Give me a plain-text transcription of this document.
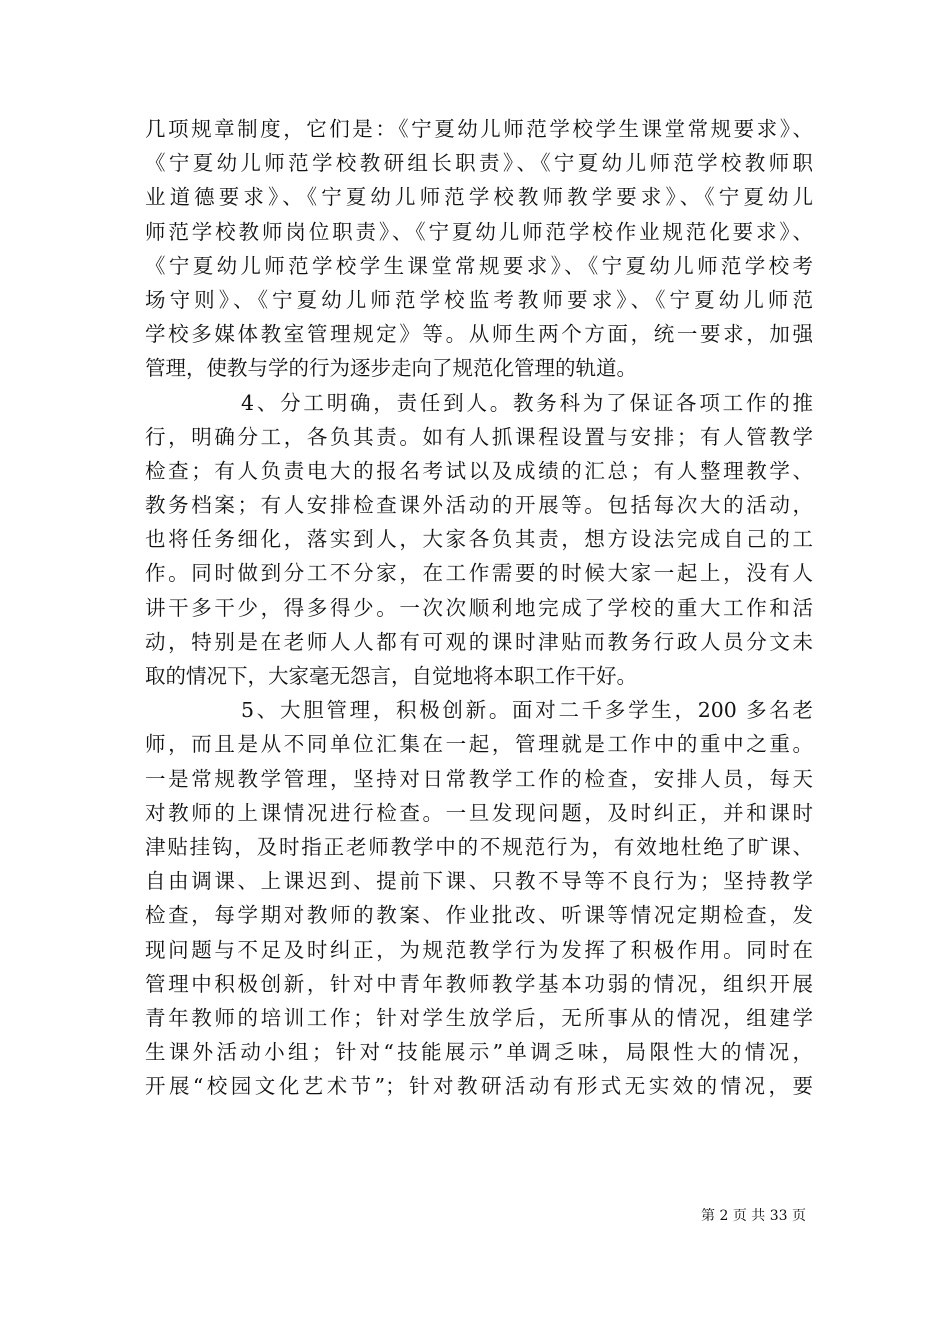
几项规章制度，它们是：《宁夏幼儿师范学校学生课堂常规要求》、
《宁夏幼儿师范学校教研组长职责》、《宁夏幼儿师范学校教师职
业道德要求》、《宁夏幼儿师范学校教师教学要求》、《宁夏幼儿
师范学校教师岗位职责》、《宁夏幼儿师范学校作业规范化要求》、
《宁夏幼儿师范学校学生课堂常规要求》、《宁夏幼儿师范学校考
场守则》、《宁夏幼儿师范学校监考教师要求》、《宁夏幼儿师范
学校多媒体教室管理规定》等。从师生两个方面，统一要求，加强
管理，使教与学的行为逐步走向了规范化管理的轨道。
4、分工明确，责任到人。教务科为了保证各项工作的推
行，明确分工，各负其责。如有人抓课程设置与安排；有人管教学
检查；有人负责电大的报名考试以及成绩的汇总；有人整理教学、
教务档案；有人安排检查课外活动的开展等。包括每次大的活动，
也将任务细化，落实到人，大家各负其责，想方设法完成自己的工
作。同时做到分工不分家，在工作需要的时候大家一起上，没有人
讲干多干少，得多得少。一次次顺利地完成了学校的重大工作和活
动，特别是在老师人人都有可观的课时津贴而教务行政人员分文未
取的情况下，大家毫无怨言，自觉地将本职工作干好。
5、大胆管理，积极创新。面对二千多学生，200 多名老
师，而且是从不同单位汇集在一起，管理就是工作中的重中之重。
一是常规教学管理，坚持对日常教学工作的检查，安排人员，每天
对教师的上课情况进行检查。一旦发现问题，及时纠正，并和课时
津贴挂钩，及时指正老师教学中的不规范行为，有效地杜绝了旷课、
自由调课、上课迟到、提前下课、只教不导等不良行为；坚持教学
检查，每学期对教师的教案、作业批改、听课等情况定期检查，发
现问题与不足及时纠正，为规范教学行为发挥了积极作用。同时在
管理中积极创新，针对中青年教师教学基本功弱的情况，组织开展
青年教师的培训工作；针对学生放学后，无所事从的情况，组建学
生课外活动小组；针对“技能展示”单调乏味，局限性大的情况，
开展“校园文化艺术节”；针对教研活动有形式无实效的情况，要
第 2 页 共 33 页
